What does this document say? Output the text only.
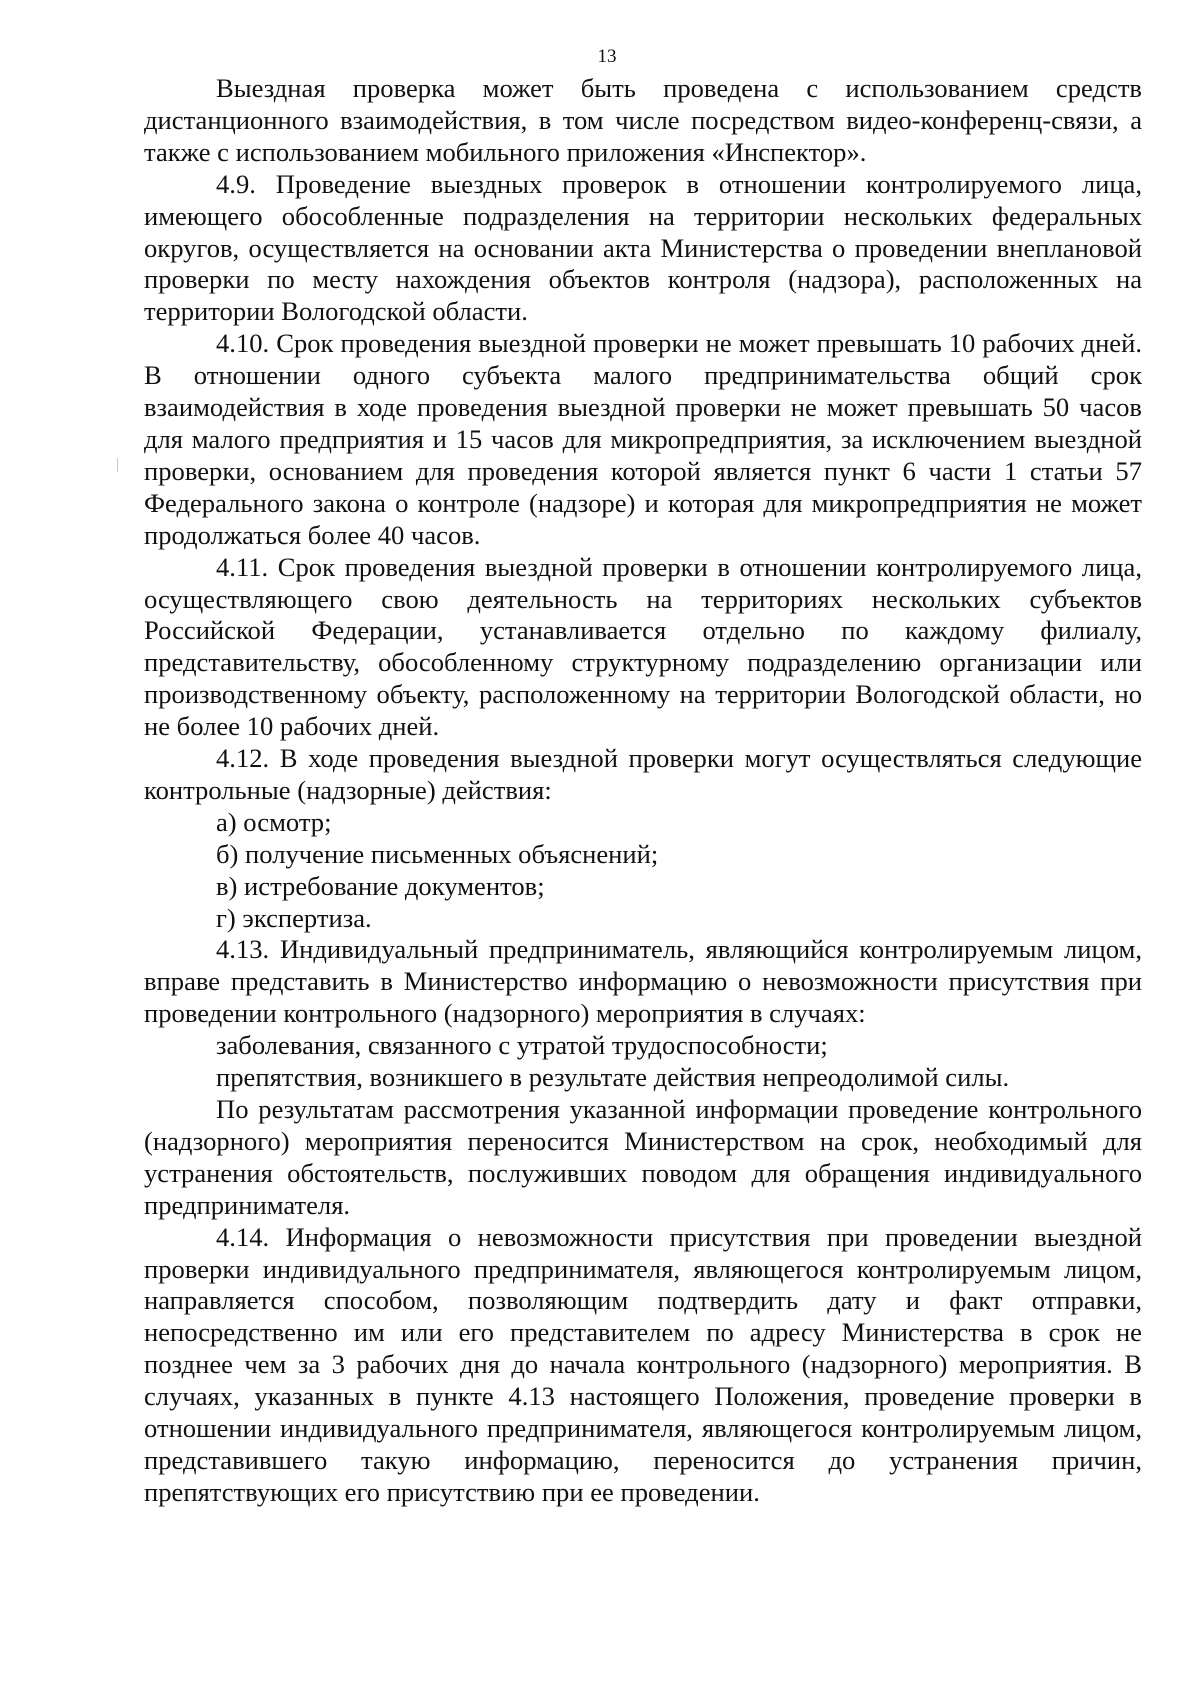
13

Выездная проверка может быть проведена с использованием средств дистанционного взаимодействия, в том числе посредством видео-конференц-связи, а также с использованием мобильного приложения «Инспектор».

4.9. Проведение выездных проверок в отношении контролируемого лица, имеющего обособленные подразделения на территории нескольких федеральных округов, осуществляется на основании акта Министерства о проведении внеплановой проверки по месту нахождения объектов контроля (надзора), расположенных на территории Вологодской области.

4.10. Срок проведения выездной проверки не может превышать 10 рабочих дней. В отношении одного субъекта малого предпринимательства общий срок взаимодействия в ходе проведения выездной проверки не может превышать 50 часов для малого предприятия и 15 часов для микропредприятия, за исключением выездной проверки, основанием для проведения которой является пункт 6 части 1 статьи 57 Федерального закона о контроле (надзоре) и которая для микропредприятия не может продолжаться более 40 часов.

4.11. Срок проведения выездной проверки в отношении контролируемого лица, осуществляющего свою деятельность на территориях нескольких субъектов Российской Федерации, устанавливается отдельно по каждому филиалу, представительству, обособленному структурному подразделению организации или производственному объекту, расположенному на территории Вологодской области, но не более 10 рабочих дней.

4.12. В ходе проведения выездной проверки могут осуществляться следующие контрольные (надзорные) действия:

а) осмотр;

б) получение письменных объяснений;

в) истребование документов;

г) экспертиза.

4.13. Индивидуальный предприниматель, являющийся контролируемым лицом, вправе представить в Министерство информацию о невозможности присутствия при проведении контрольного (надзорного) мероприятия в случаях:

заболевания, связанного с утратой трудоспособности;

препятствия, возникшего в результате действия непреодолимой силы.

По результатам рассмотрения указанной информации проведение контрольного (надзорного) мероприятия переносится Министерством на срок, необходимый для устранения обстоятельств, послуживших поводом для обращения индивидуального предпринимателя.

4.14. Информация о невозможности присутствия при проведении выездной проверки индивидуального предпринимателя, являющегося контролируемым лицом, направляется способом, позволяющим подтвердить дату и факт отправки, непосредственно им или его представителем по адресу Министерства в срок не позднее чем за 3 рабочих дня до начала контрольного (надзорного) мероприятия. В случаях, указанных в пункте 4.13 настоящего Положения, проведение проверки в отношении индивидуального предпринимателя, являющегося контролируемым лицом, представившего такую информацию, переносится до устранения причин, препятствующих его присутствию при ее проведении.
